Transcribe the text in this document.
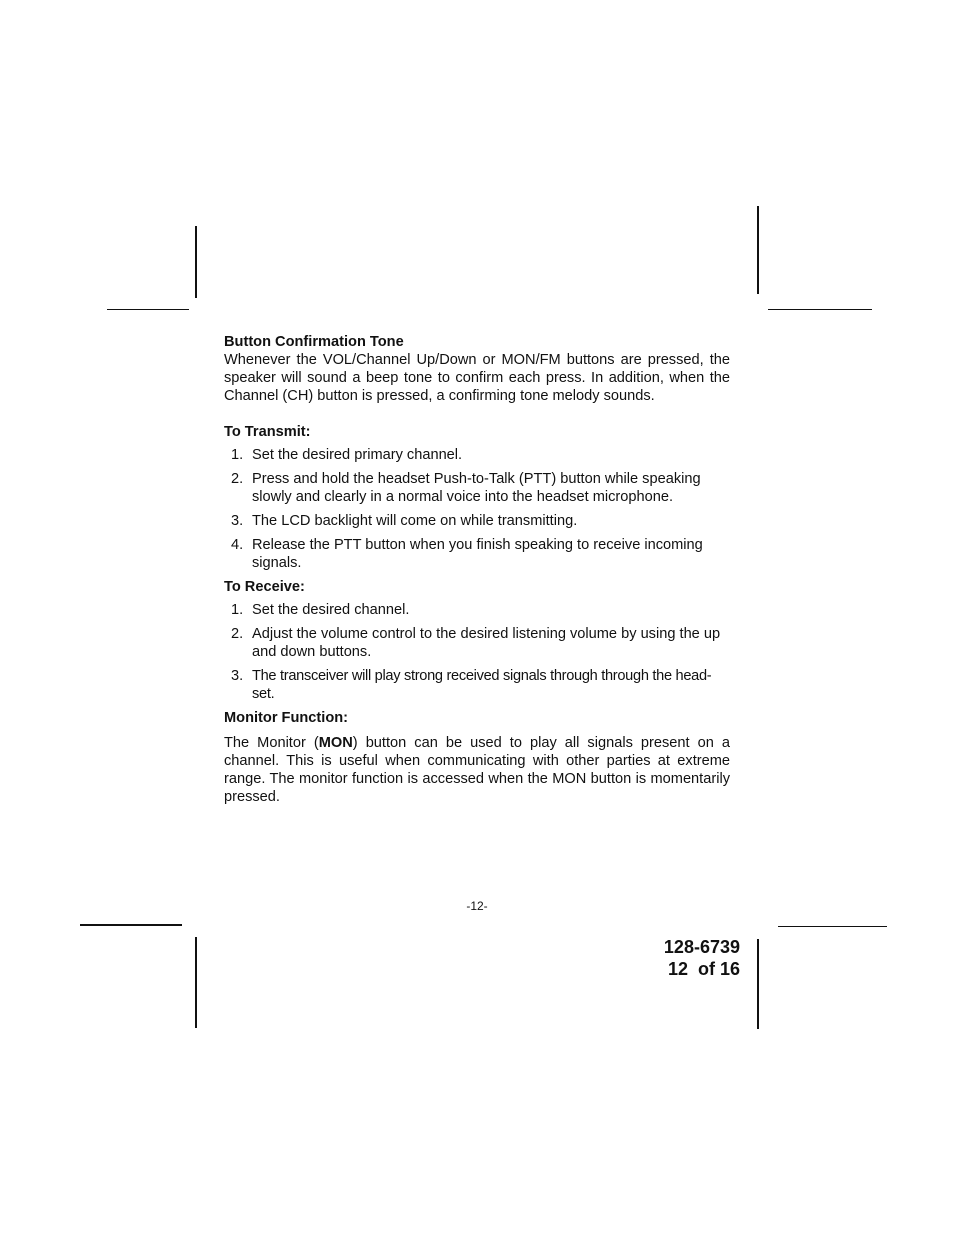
Button Confirmation Tone

Whenever the VOL/Channel Up/Down or MON/FM buttons are pressed, the speaker will sound a beep tone to confirm each press. In addition, when the Channel (CH) button is pressed, a confirming tone melody sounds.

To Transmit:

1. Set the desired primary channel.
2. Press and hold the headset Push-to-Talk (PTT) button while speaking slowly and clearly in a normal voice into the headset microphone.
3. The LCD backlight will come on while transmitting.
4. Release the PTT button when you finish speaking to receive incoming signals.

To Receive:

1. Set the desired channel.
2. Adjust the volume control to the desired listening volume by using the up and down buttons.
3. The transceiver will play strong received signals through through the head-set.

Monitor Function:

The Monitor (MON) button can be used to play all signals present on a channel. This is useful when communicating with other parties at extreme range. The monitor function is accessed when the MON button is momentarily pressed.

-12-
128-6739
12  of 16
